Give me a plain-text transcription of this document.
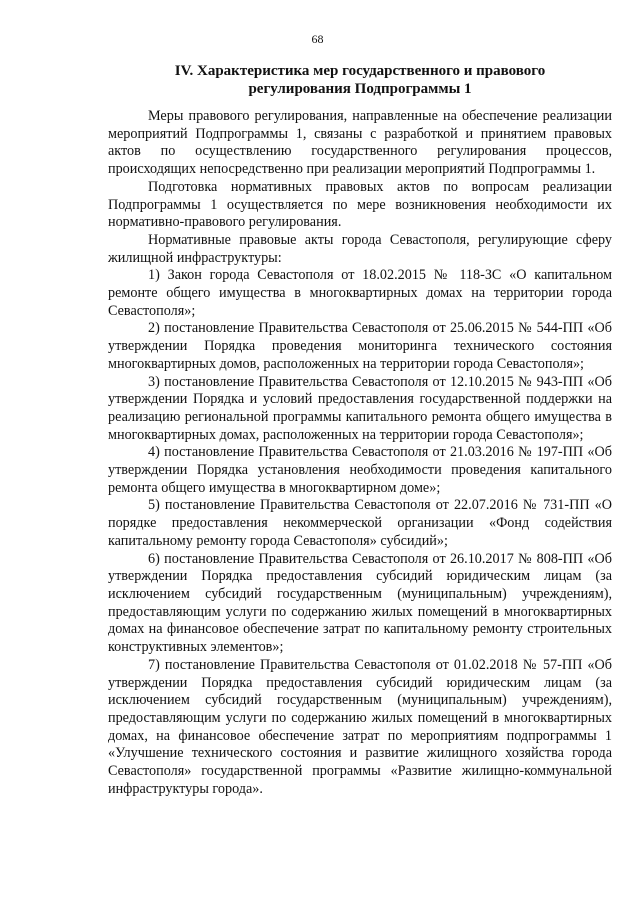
68
IV. Характеристика мер государственного и правового
регулирования Подпрограммы 1

Меры правового регулирования, направленные на обеспечение реализации мероприятий Подпрограммы 1, связаны с разработкой и принятием правовых актов по осуществлению государственного регулирования процессов, происходящих непосредственно при реализации мероприятий Подпрограммы 1.

Подготовка нормативных правовых актов по вопросам реализации Подпрограммы 1 осуществляется по мере возникновения необходимости их нормативно-правового регулирования.

Нормативные правовые акты города Севастополя, регулирующие сферу жилищной инфраструктуры:

1) Закон города Севастополя от 18.02.2015 № 118-ЗС «О капитальном ремонте общего имущества в многоквартирных домах на территории города Севастополя»;

2) постановление Правительства Севастополя от 25.06.2015 № 544-ПП «Об утверждении Порядка проведения мониторинга технического состояния многоквартирных домов, расположенных на территории города Севастополя»;

3) постановление Правительства Севастополя от 12.10.2015 № 943-ПП «Об утверждении Порядка и условий предоставления государственной поддержки на реализацию региональной программы капитального ремонта общего имущества в многоквартирных домах, расположенных на территории города Севастополя»;

4) постановление Правительства Севастополя от 21.03.2016 № 197-ПП «Об утверждении Порядка установления необходимости проведения капитального ремонта общего имущества в многоквартирном доме»;

5) постановление Правительства Севастополя от 22.07.2016 № 731-ПП «О порядке предоставления некоммерческой организации «Фонд содействия капитальному ремонту города Севастополя» субсидий»;

6) постановление Правительства Севастополя от 26.10.2017 № 808-ПП «Об утверждении Порядка предоставления субсидий юридическим лицам (за исключением субсидий государственным (муниципальным) учреждениям), предоставляющим услуги по содержанию жилых помещений в многоквартирных домах на финансовое обеспечение затрат по капитальному ремонту строительных конструктивных элементов»;

7) постановление Правительства Севастополя от 01.02.2018 № 57-ПП «Об утверждении Порядка предоставления субсидий юридическим лицам (за исключением субсидий государственным (муниципальным) учреждениям), предоставляющим услуги по содержанию жилых помещений в многоквартирных домах, на финансовое обеспечение затрат по мероприятиям подпрограммы 1 «Улучшение технического состояния и развитие жилищного хозяйства города Севастополя» государственной программы «Развитие жилищно-коммунальной инфраструктуры города».
